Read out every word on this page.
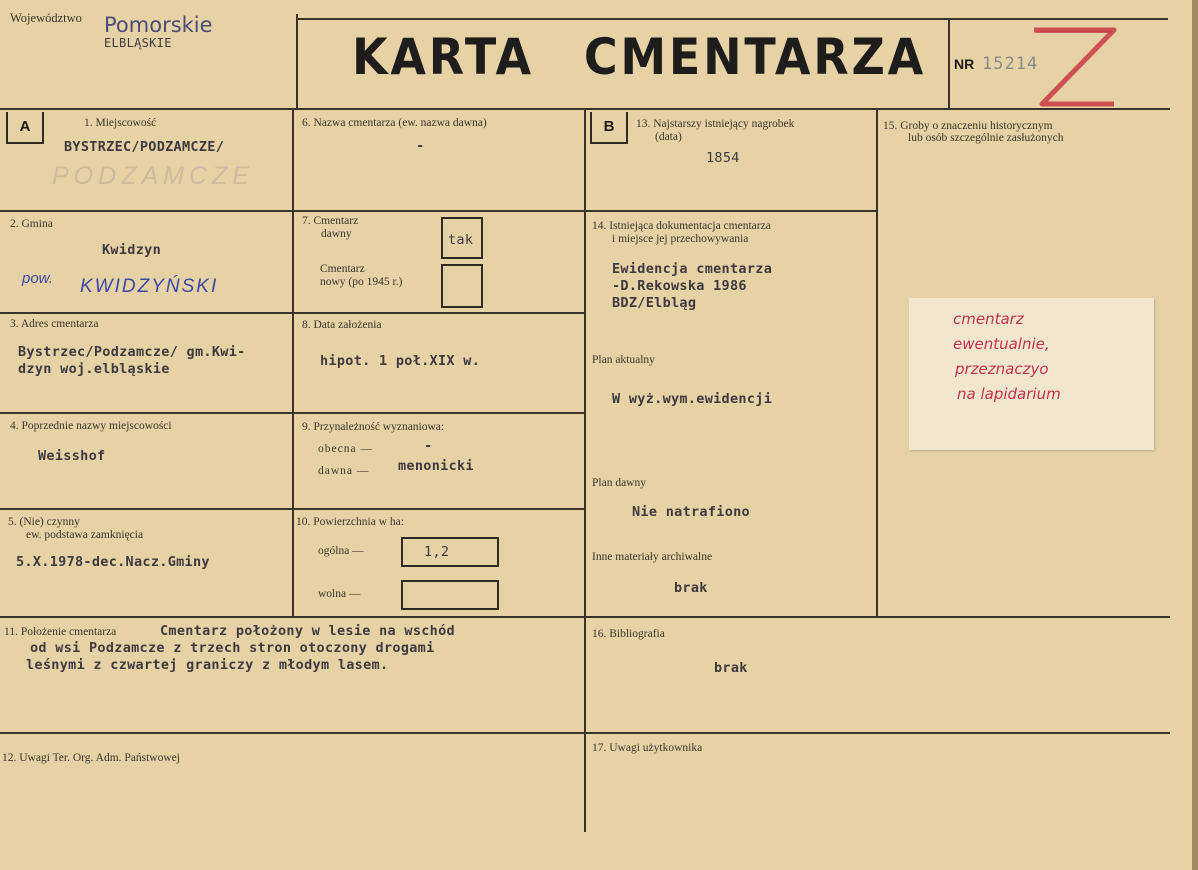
Województwo Pomorskie
ELBLĄSKIE	KARTA CMENTARZA NR 15214
A	B
1. Miejscowość
BYSTRZEC/PODZAMCZE/
PODZAMCZE
2. Gmina
Kwidzyn
pow. KWIDZYŃSKI
3. Adres cmentarza
Bystrzec/Podzamcze/ gm.Kwi-
dzyn woj.elbląskie
4. Poprzednie nazwy miejscowości
Weisshof
5. (Nie) czynny
ew. podstawa zamknięcia
5.X.1978-dec.Nacz.Gminy
6. Nazwa cmentarza (ew. nazwa dawna)
-
7. Cmentarz
dawny	tak
Cmentarz
nowy (po 1945 r.)
8. Data założenia
hipot. 1 poł.XIX w.
9. Przynależność wyznaniowa:
obecna —	-
dawna — menonicki
10. Powierzchnia w ha:
ogólna —	1,2
wolna —
11. Położenie cmentarza	Cmentarz położony w lesie na wschód
od wsi Podzamcze z trzech stron otoczony drogami
leśnymi z czwartej graniczy z młodym lasem.
12. Uwagi Ter. Org. Adm. Państwowej
13. Najstarszy istniejący nagrobek
(data)
1854
14. Istniejąca dokumentacja cmentarza
i miejsce jej przechowywania
Ewidencja cmentarza
-D.Rekowska 1986
BDZ/Elbląg
Plan aktualny
W wyż.wym.ewidencji
Plan dawny
Nie natrafiono
Inne materiały archiwalne
brak
15. Groby o znaczeniu historycznym
lub osób szczególnie zasłużonych
cmentarz
ewentualnie,
przeznaczyo
na lapidarium
16. Bibliografia
brak
17. Uwagi użytkownika
